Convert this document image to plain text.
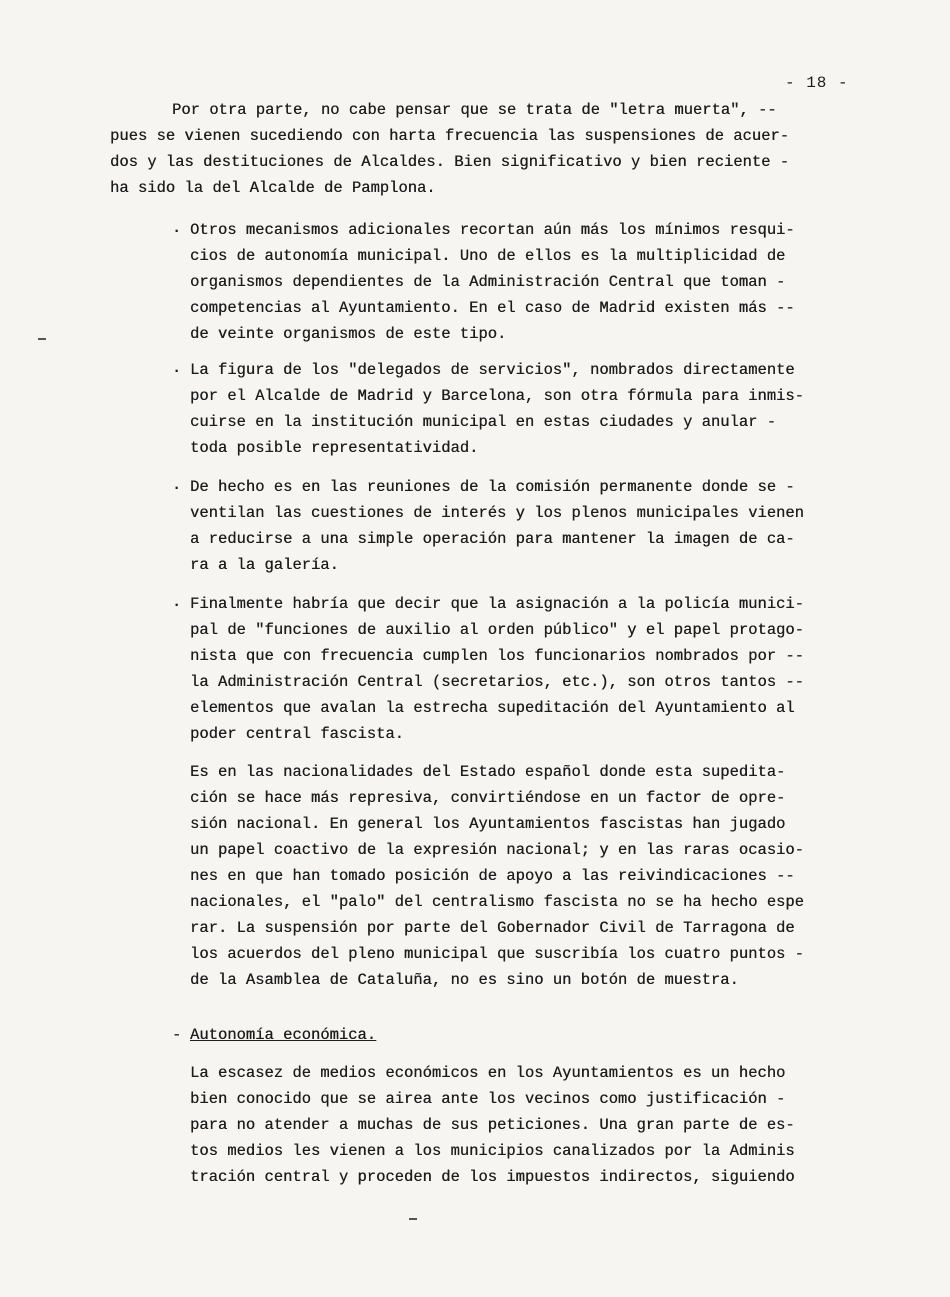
- 18 -
Por otra parte, no cabe pensar que se trata de "letra muerta", --
pues se vienen sucediendo con harta frecuencia las suspensiones de acuer-
dos y las destituciones de Alcaldes. Bien significativo y bien reciente -
ha sido la del Alcalde de Pamplona.
. Otros mecanismos adicionales recortan aún más los mínimos resqui-
cios de autonomía municipal. Uno de ellos es la multiplicidad de
organismos dependientes de la Administración Central que toman -
competencias al Ayuntamiento. En el caso de Madrid existen más --
de veinte organismos de este tipo.
. La figura de los "delegados de servicios", nombrados directamente
por el Alcalde de Madrid y Barcelona, son otra fórmula para inmis-
cuirse en la institución municipal en estas ciudades y anular -
toda posible representatividad.
. De hecho es en las reuniones de la comisión permanente donde se -
ventilan las cuestiones de interés y los plenos municipales vienen
a reducirse a una simple operación para mantener la imagen de ca-
ra a la galería.
. Finalmente habría que decir que la asignación a la policía munici-
pal de "funciones de auxilio al orden público" y el papel protago-
nista que con frecuencia cumplen los funcionarios nombrados por --
la Administración Central (secretarios, etc.), son otros tantos --
elementos que avalan la estrecha supeditación del Ayuntamiento al
poder central fascista.
Es en las nacionalidades del Estado español donde esta supedita-
ción se hace más represiva, convirtiéndose en un factor de opre-
sión nacional. En general los Ayuntamientos fascistas han jugado
un papel coactivo de la expresión nacional; y en las raras ocasio-
nes en que han tomado posición de apoyo a las reivindicaciones --
nacionales, el "palo" del centralismo fascista no se ha hecho espe
rar. La suspensión por parte del Gobernador Civil de Tarragona de
los acuerdos del pleno municipal que suscribía los cuatro puntos -
de la Asamblea de Cataluña, no es sino un botón de muestra.
- Autonomía económica.
La escasez de medios económicos en los Ayuntamientos es un hecho
bien conocido que se airea ante los vecinos como justificación -
para no atender a muchas de sus peticiones. Una gran parte de es-
tos medios les vienen a los municipios canalizados por la Adminis
tración central y proceden de los impuestos indirectos, siguiendo
